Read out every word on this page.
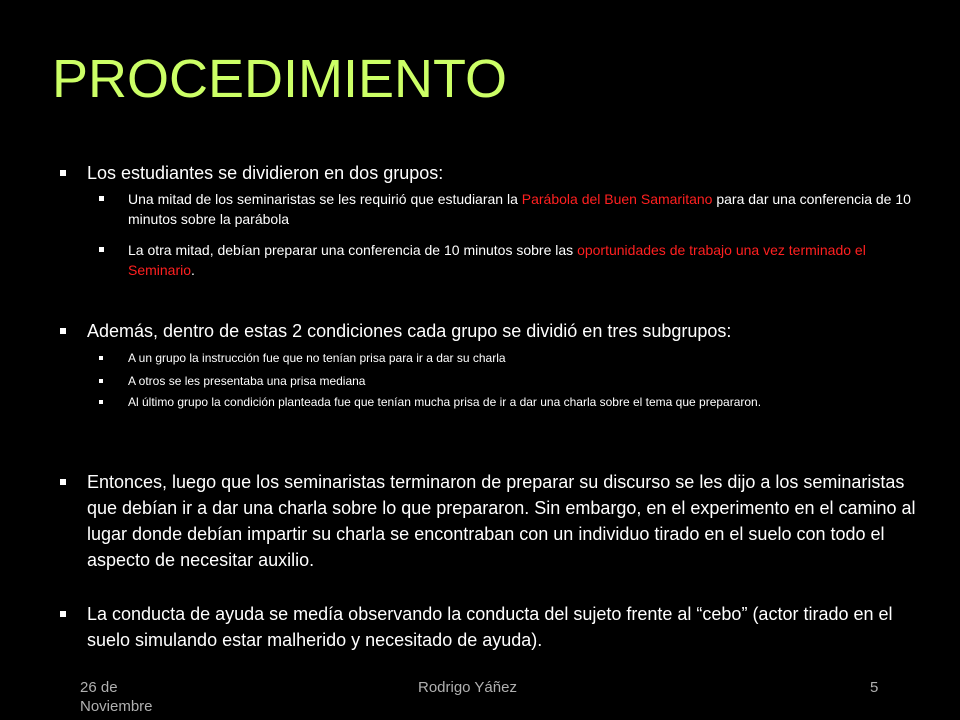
PROCEDIMIENTO
Los estudiantes se dividieron en dos grupos:
Una mitad de los seminaristas se les requirió que estudiaran la Parábola del Buen Samaritano para dar una conferencia de 10 minutos sobre la parábola
La otra mitad, debían preparar una conferencia de 10 minutos sobre las oportunidades de trabajo una vez terminado el Seminario.
Además, dentro de estas 2 condiciones cada grupo se dividió en tres subgrupos:
A un grupo la instrucción fue que no tenían prisa para ir a dar su charla
A otros se les presentaba una prisa mediana
Al último grupo la condición planteada fue que tenían mucha prisa de ir a dar una charla sobre el tema que prepararon.
Entonces, luego que los seminaristas terminaron de preparar su discurso se les dijo a los seminaristas que debían ir a dar una charla sobre lo que prepararon. Sin embargo, en el experimento en el camino al lugar donde debían impartir su charla se encontraban con un individuo tirado en el suelo con todo el aspecto de necesitar auxilio.
La conducta de ayuda se medía observando la conducta del sujeto frente al “cebo” (actor tirado en el suelo simulando estar malherido y necesitado de ayuda).
26 de Noviembre
Rodrigo Yáñez	5
